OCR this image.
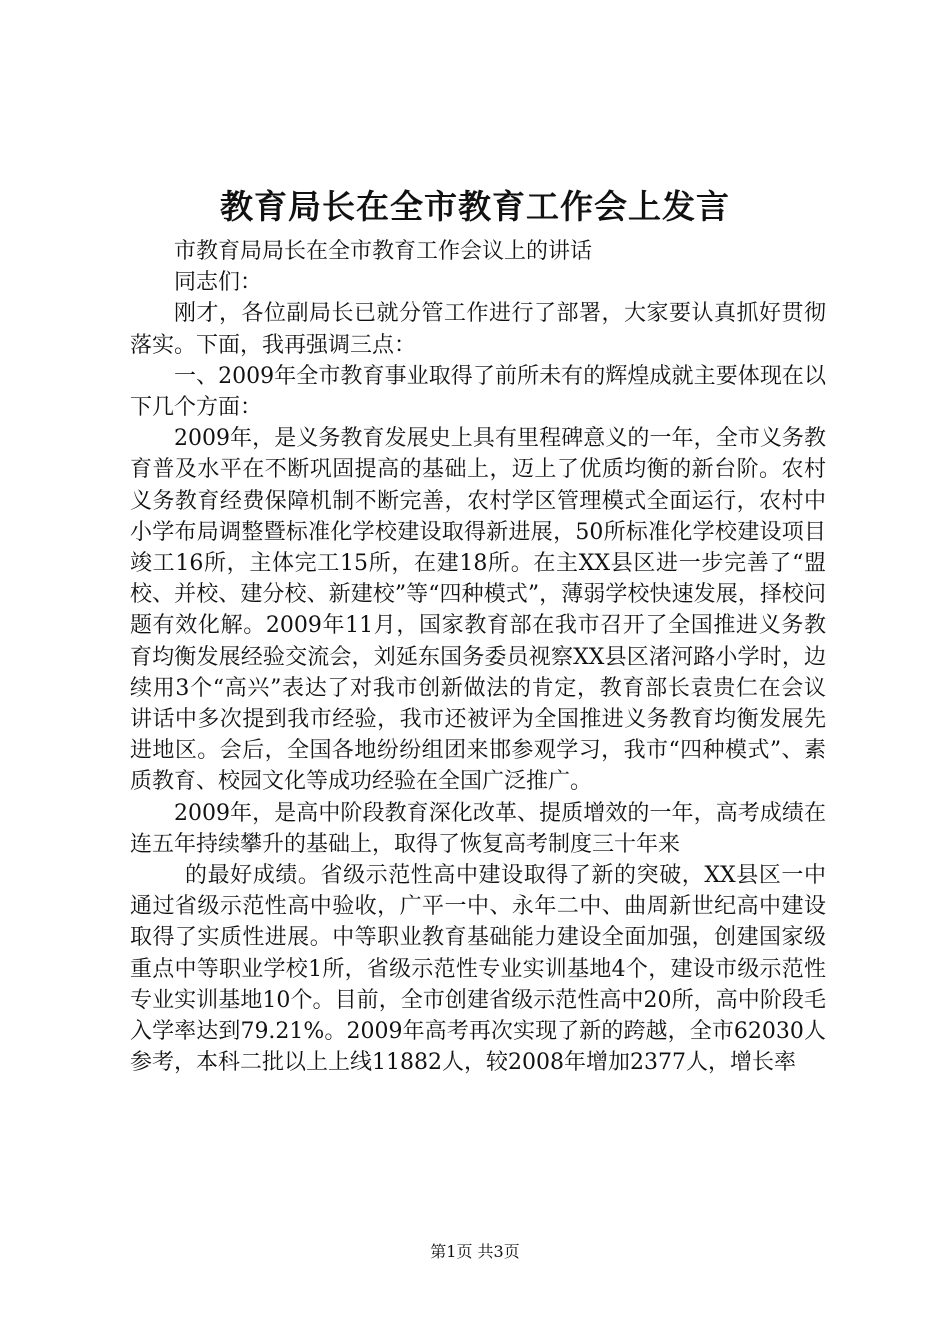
教育局长在全市教育工作会上发言

市教育局局长在全市教育工作会议上的讲话

同志们：

刚才，各位副局长已就分管工作进行了部署，大家要认真抓好贯彻落实。下面，我再强调三点：

一、2009年全市教育事业取得了前所未有的辉煌成就主要体现在以下几个方面：

2009年，是义务教育发展史上具有里程碑意义的一年，全市义务教育普及水平在不断巩固提高的基础上，迈上了优质均衡的新台阶。农村义务教育经费保障机制不断完善，农村学区管理模式全面运行，农村中小学布局调整暨标准化学校建设取得新进展，50所标准化学校建设项目竣工16所，主体完工15所，在建18所。在主XX县区进一步完善了“盟校、并校、建分校、新建校”等“四种模式”，薄弱学校快速发展，择校问题有效化解。2009年11月，国家教育部在我市召开了全国推进义务教育均衡发展经验交流会，刘延东国务委员视察XX县区渚河路小学时，边续用3个“高兴”表达了对我市创新做法的肯定，教育部长袁贵仁在会议讲话中多次提到我市经验，我市还被评为全国推进义务教育均衡发展先进地区。会后，全国各地纷纷组团来邯参观学习，我市“四种模式”、素质教育、校园文化等成功经验在全国广泛推广。

2009年，是高中阶段教育深化改革、提质增效的一年，高考成绩在连五年持续攀升的基础上，取得了恢复高考制度三十年来

的最好成绩。省级示范性高中建设取得了新的突破，XX县区一中通过省级示范性高中验收，广平一中、永年二中、曲周新世纪高中建设取得了实质性进展。中等职业教育基础能力建设全面加强，创建国家级重点中等职业学校1所，省级示范性专业实训基地4个，建设市级示范性专业实训基地10个。目前，全市创建省级示范性高中20所，高中阶段毛入学率达到79.21%。2009年高考再次实现了新的跨越，全市62030人参考，本科二批以上上线11882人，较2008年增加2377人，增长率

第1页 共3页
